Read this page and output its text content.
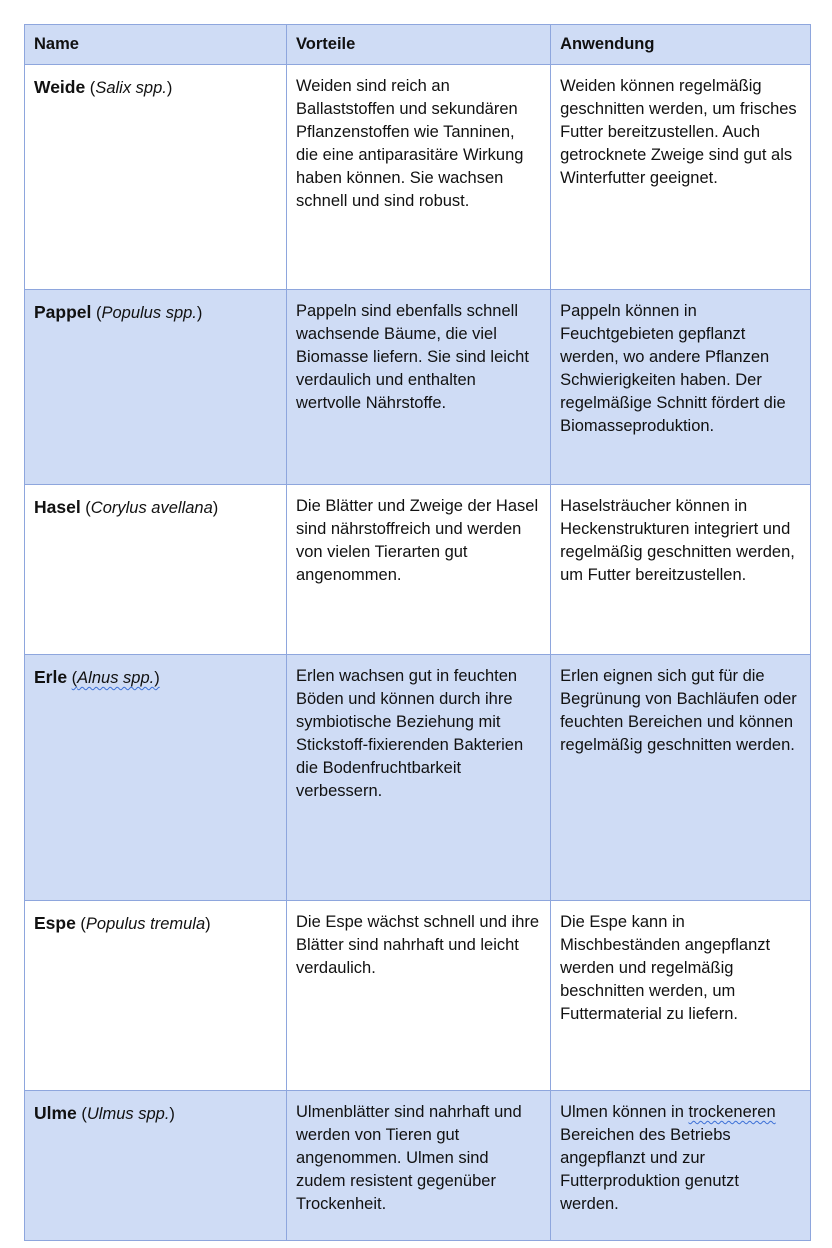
Name	Vorteile	Anwendung

Weide (Salix spp.)	Weiden sind reich an Ballaststoffen und sekundären Pflanzenstoffen wie Tanninen, die eine antiparasitäre Wirkung haben können. Sie wachsen schnell und sind robust.	Weiden können regelmäßig geschnitten werden, um frisches Futter bereitzustellen. Auch getrocknete Zweige sind gut als Winterfutter geeignet.

Pappel (Populus spp.)	Pappeln sind ebenfalls schnell wachsende Bäume, die viel Biomasse liefern. Sie sind leicht verdaulich und enthalten wertvolle Nährstoffe.	Pappeln können in Feuchtgebieten gepflanzt werden, wo andere Pflanzen Schwierigkeiten haben. Der regelmäßige Schnitt fördert die Biomasseproduktion.

Hasel (Corylus avellana)	Die Blätter und Zweige der Hasel sind nährstoffreich und werden von vielen Tierarten gut angenommen.	Haselsträucher können in Heckenstrukturen integriert und regelmäßig geschnitten werden, um Futter bereitzustellen.

Erle (Alnus spp.)	Erlen wachsen gut in feuchten Böden und können durch ihre symbiotische Beziehung mit Stickstoff-fixierenden Bakterien die Bodenfruchtbarkeit verbessern.	Erlen eignen sich gut für die Begrünung von Bachläufen oder feuchten Bereichen und können regelmäßig geschnitten werden.

Espe (Populus tremula)	Die Espe wächst schnell und ihre Blätter sind nahrhaft und leicht verdaulich.	Die Espe kann in Mischbeständen angepflanzt werden und regelmäßig beschnitten werden, um Futtermaterial zu liefern.

Ulme (Ulmus spp.)	Ulmenblätter sind nahrhaft und werden von Tieren gut angenommen. Ulmen sind zudem resistent gegenüber Trockenheit.	Ulmen können in trockeneren Bereichen des Betriebs angepflanzt und zur Futterproduktion genutzt werden.
